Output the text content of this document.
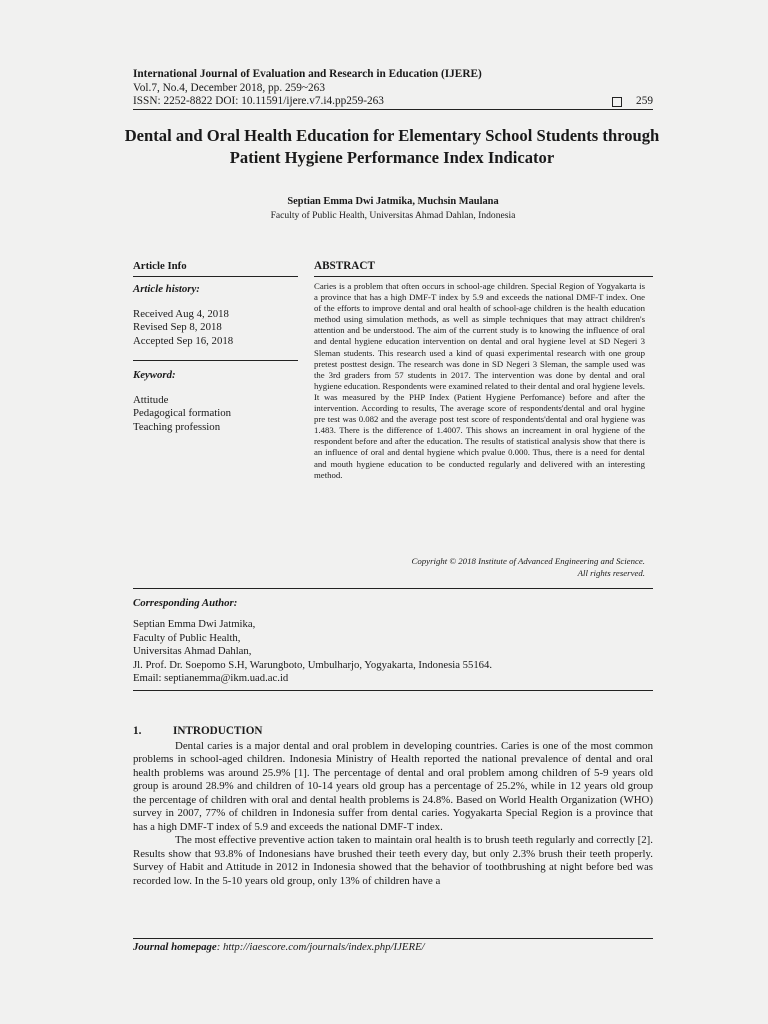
International Journal of Evaluation and Research in Education (IJERE)
Vol.7, No.4, December 2018, pp. 259~263
ISSN: 2252-8822 DOI: 10.11591/ijere.v7.i4.pp259-263	259
Dental and Oral Health Education for Elementary School Students through Patient Hygiene Performance Index Indicator
Septian Emma Dwi Jatmika, Muchsin Maulana
Faculty of Public Health, Universitas Ahmad Dahlan, Indonesia
Article Info
Article history:
Received Aug 4, 2018
Revised Sep 8, 2018
Accepted Sep 16, 2018
Keyword:
Attitude
Pedagogical formation
Teaching profession
ABSTRACT
Caries is a problem that often occurs in school-age children. Special Region of Yogyakarta is a province that has a high DMF-T index by 5.9 and exceeds the national DMF-T index. One of the efforts to improve dental and oral health of school-age children is the health education method using simulation methods, as well as simple techniques that may attract children's attention and be understood. The aim of the current study is to knowing the influence of oral and dental hygiene education intervention on dental and oral hygiene level at SD Negeri 3 Sleman students. This research used a kind of quasi experimental research with one group pretest posttest design. The research was done in SD Negeri 3 Sleman, the sample used was the 3rd graders from 57 students in 2017. The intervention was done by dental and oral hygiene education. Respondents were examined related to their dental and oral hygiene levels. It was measured by the PHP Index (Patient Hygiene Perfomance) before and after the intervention. According to results, The average score of respondents'dental and oral hygine pre test was 0.082 and the average post test score of respondents'dental and oral hygiene was 1.483. There is the difference of 1.4007. This shows an increament in oral hygiene of the respondent before and after the education. The results of statistical analysis show that there is an influence of oral and dental hygiene which pvalue 0.000. Thus, there is a need for dental and mouth hygiene education to be conducted regularly and delivered with an interesting method.
Copyright © 2018 Institute of Advanced Engineering and Science.
All rights reserved.
Corresponding Author:
Septian Emma Dwi Jatmika,
Faculty of Public Health,
Universitas Ahmad Dahlan,
Jl. Prof. Dr. Soepomo S.H, Warungboto, Umbulharjo, Yogyakarta, Indonesia 55164.
Email: septianemma@ikm.uad.ac.id
1.	INTRODUCTION

Dental caries is a major dental and oral problem in developing countries. Caries is one of the most common problems in school-aged children. Indonesia Ministry of Health reported the national prevalence of dental and oral health problems was around 25.9% [1]. The percentage of dental and oral problem among children of 5-9 years old group is around 28.9% and children of 10-14 years old group has a percentage of 25.2%, while in 12 years old group the percentage of children with oral and dental health problems is 24.8%. Based on World Health Organization (WHO) survey in 2007, 77% of children in Indonesia suffer from dental caries. Yogyakarta Special Region is a province that has a high DMF-T index of 5.9 and exceeds the national DMF-T index.

The most effective preventive action taken to maintain oral health is to brush teeth regularly and correctly [2]. Results show that 93.8% of Indonesians have brushed their teeth every day, but only 2.3% brush their teeth properly. Survey of Habit and Attitude in 2012 in Indonesia showed that the behavior of toothbrushing at night before bed was recorded low. In the 5-10 years old group, only 13% of children have a

Journal homepage: http://iaescore.com/journals/index.php/IJERE/
